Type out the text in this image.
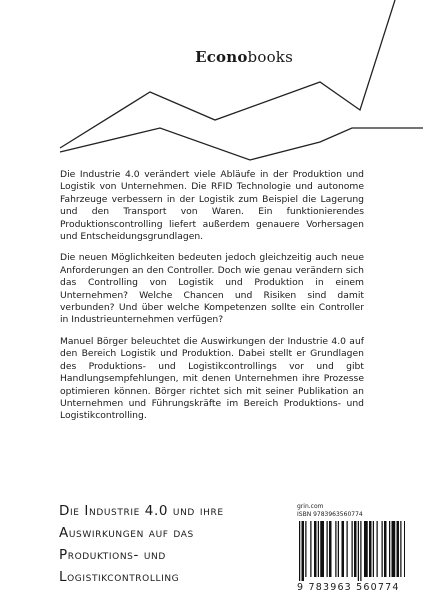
Econobooks

Die Industrie 4.0 verändert viele Abläufe in der Produktion und Logistik von Unternehmen. Die RFID Technologie und autonome Fahrzeuge verbessern in der Logistik zum Beispiel die Lagerung und den Transport von Waren. Ein funktionierendes Produktionscontrolling liefert außerdem genauere Vorhersagen und Entscheidungsgrundlagen.

Die neuen Möglichkeiten bedeuten jedoch gleichzeitig auch neue Anforderungen an den Controller. Doch wie genau verändern sich das Controlling von Logistik und Produktion in einem Unternehmen? Welche Chancen und Risiken sind damit verbunden? Und über welche Kompetenzen sollte ein Controller in Industrieunternehmen verfügen?

Manuel Börger beleuchtet die Auswirkungen der Industrie 4.0 auf den Bereich Logistik und Produktion. Dabei stellt er Grundlagen des Produktions- und Logistikcontrollings vor und gibt Handlungsempfehlungen, mit denen Unternehmen ihre Prozesse optimieren können. Börger richtet sich mit seiner Publikation an Unternehmen und Führungskräfte im Bereich Produktions- und Logistikcontrolling.

Die Industrie 4.0 und ihre
Auswirkungen auf das
Produktions- und
Logistikcontrolling
grin.com
ISBN 9783963560774
9 783963 560774
